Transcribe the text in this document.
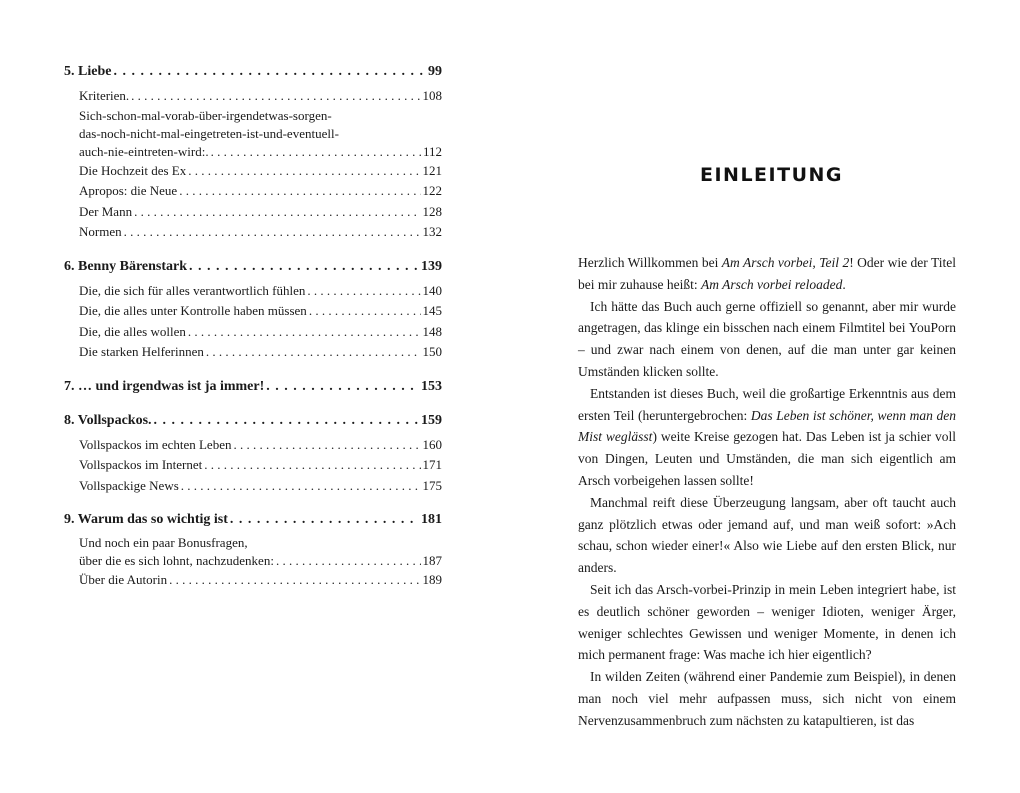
5. Liebe . . .	99
Kriterien. . . .	108
Sich-schon-mal-vorab-über-irgendetwas-sorgen-
das-noch-nicht-mal-eingetreten-ist-und-eventuell-
auch-nie-eintreten-wird:. . . .	112
Die Hochzeit des Ex . . .	121
Apropos: die Neue . . .	122
Der Mann . . .	128
Normen . . .	132
6. Benny Bärenstark . . .	139
Die, die sich für alles verantwortlich fühlen . . .	140
Die, die alles unter Kontrolle haben müssen . . .	145
Die, die alles wollen . . .	148
Die starken Helferinnen . . .	150
7. … und irgendwas ist ja immer! . . .	153
8. Vollspackos. . . .	159
Vollspackos im echten Leben . . .	160
Vollspackos im Internet . . .	171
Vollspackige News . . .	175
9. Warum das so wichtig ist . . .	181
Und noch ein paar Bonusfragen,
über die es sich lohnt, nachzudenken: . . .	187
Über die Autorin . . .	189
EINLEITUNG

Herzlich Willkommen bei Am Arsch vorbei, Teil 2! Oder wie der Titel bei mir zuhause heißt: Am Arsch vorbei reloaded.

Ich hätte das Buch auch gerne offiziell so genannt, aber mir wurde angetragen, das klinge ein bisschen nach einem Filmtitel bei YouPorn – und zwar nach einem von denen, auf die man unter gar keinen Umständen klicken sollte.

Entstanden ist dieses Buch, weil die großartige Erkenntnis aus dem ersten Teil (heruntergebrochen: Das Leben ist schöner, wenn man den Mist weglässt) weite Kreise gezogen hat. Das Leben ist ja schier voll von Dingen, Leuten und Umständen, die man sich eigentlich am Arsch vorbeigehen lassen sollte!

Manchmal reift diese Überzeugung langsam, aber oft taucht auch ganz plötzlich etwas oder jemand auf, und man weiß sofort: »Ach schau, schon wieder einer!« Also wie Liebe auf den ersten Blick, nur anders.

Seit ich das Arsch-vorbei-Prinzip in mein Leben integriert habe, ist es deutlich schöner geworden – weniger Idioten, weniger Ärger, weniger schlechtes Gewissen und weniger Momente, in denen ich mich permanent frage: Was mache ich hier eigentlich?

In wilden Zeiten (während einer Pandemie zum Beispiel), in denen man noch viel mehr aufpassen muss, sich nicht von einem Nervenzusammenbruch zum nächsten zu katapultieren, ist das
